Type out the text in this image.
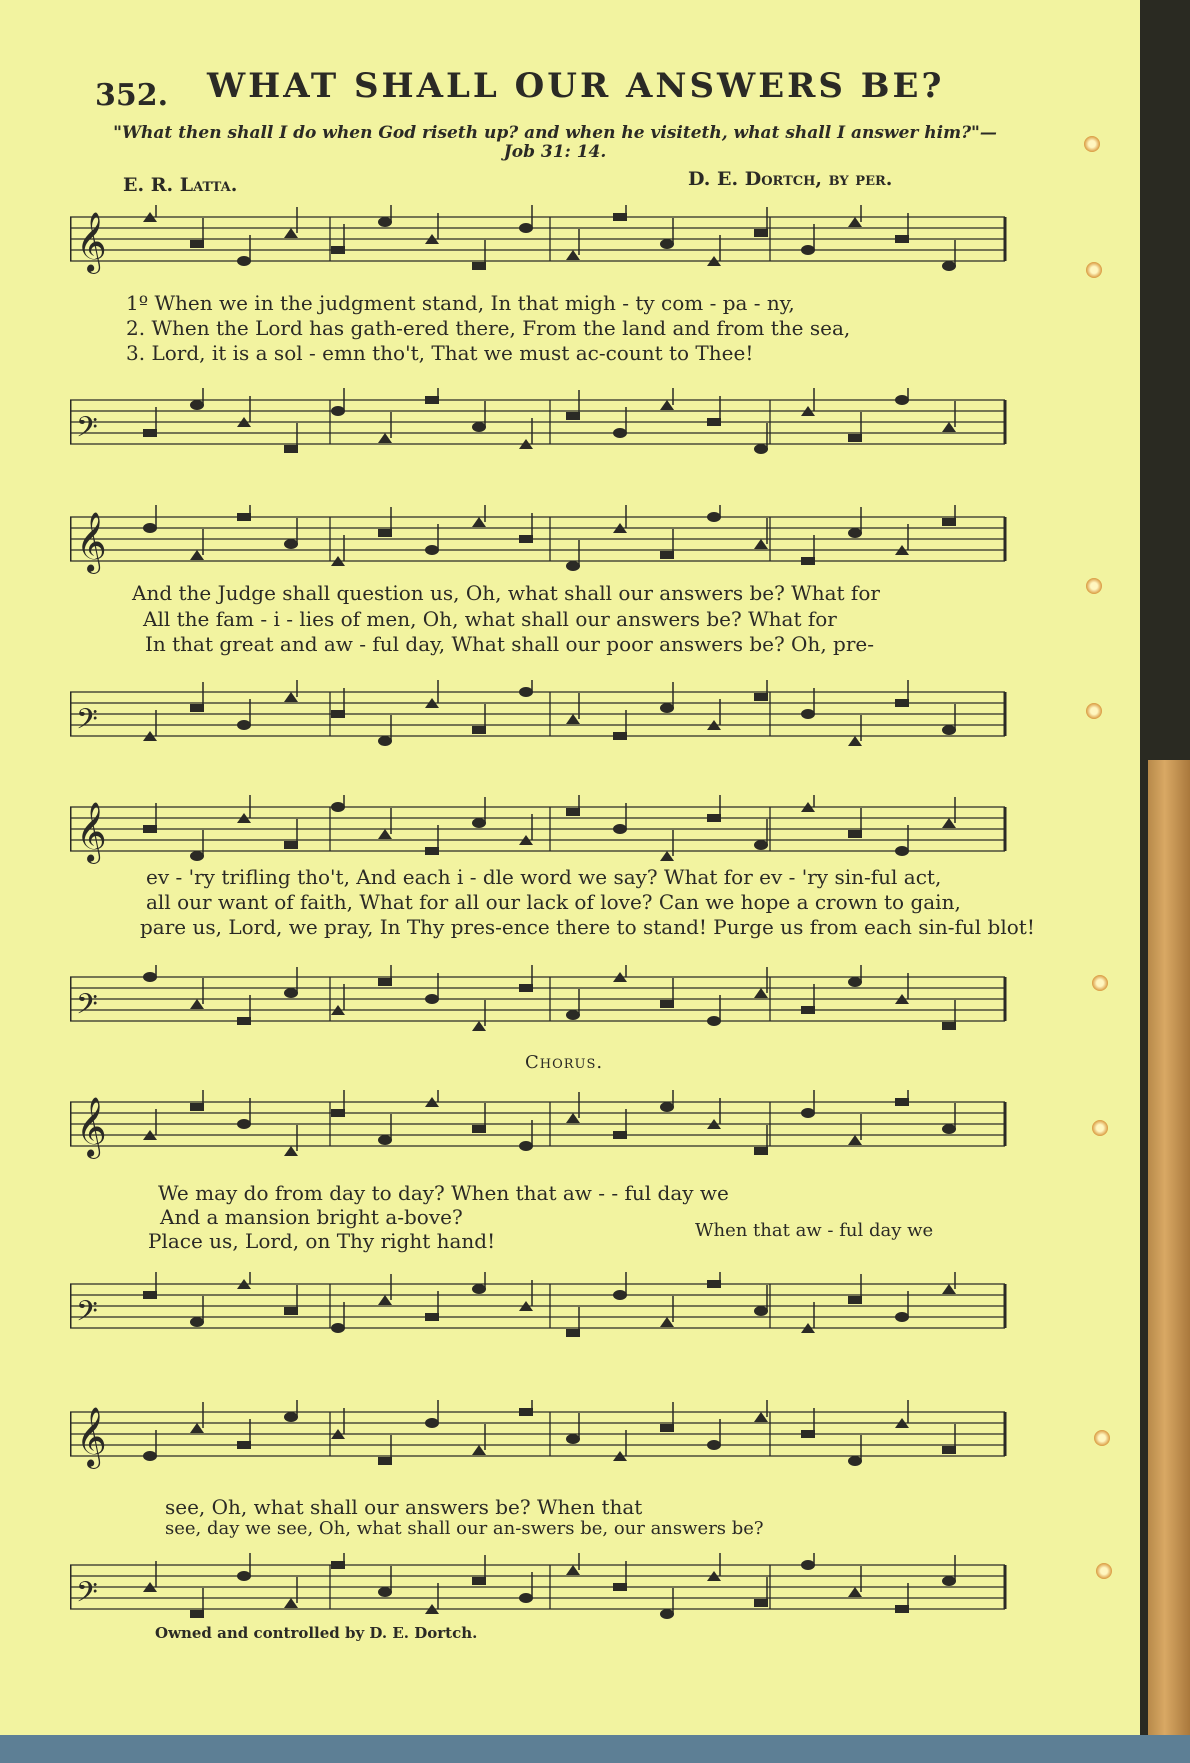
352. WHAT SHALL OUR ANSWERS BE?
"What then shall I do when God riseth up? and when he visiteth, what shall I answer him?"—Job 31: 14.
E. R. Latta.	D. E. Dortch, by per.
𝄞
1º When we in the judgment stand, In that migh - ty com - pa - ny,
2. When the Lord has gath-ered there, From the land and from the sea,
3. Lord, it is a sol - emn tho't, That we must ac-count to Thee!
𝄢
𝄞
And the Judge shall question us, Oh, what shall our answers be? What for
All the fam - i - lies of men, Oh, what shall our answers be? What for
In that great and aw - ful day, What shall our poor answers be? Oh, pre-
𝄢
𝄞
ev - 'ry trifling tho't, And each i - dle word we say? What for ev - 'ry sin-ful act,
all our want of faith, What for all our lack of love? Can we hope a crown to gain,
pare us, Lord, we pray, In Thy pres-ence there to stand! Purge us from each sin-ful blot!
𝄢
Chorus.
𝄞
We may do from day to day? When that aw - - ful day we
And a mansion bright a-bove?
Place us, Lord, on Thy right hand!	When that aw - ful day we
𝄢
𝄞
see, Oh, what shall our answers be? When that
see, day we see, Oh, what shall our an-swers be, our answers be?
𝄢
Owned and controlled by D. E. Dortch.
